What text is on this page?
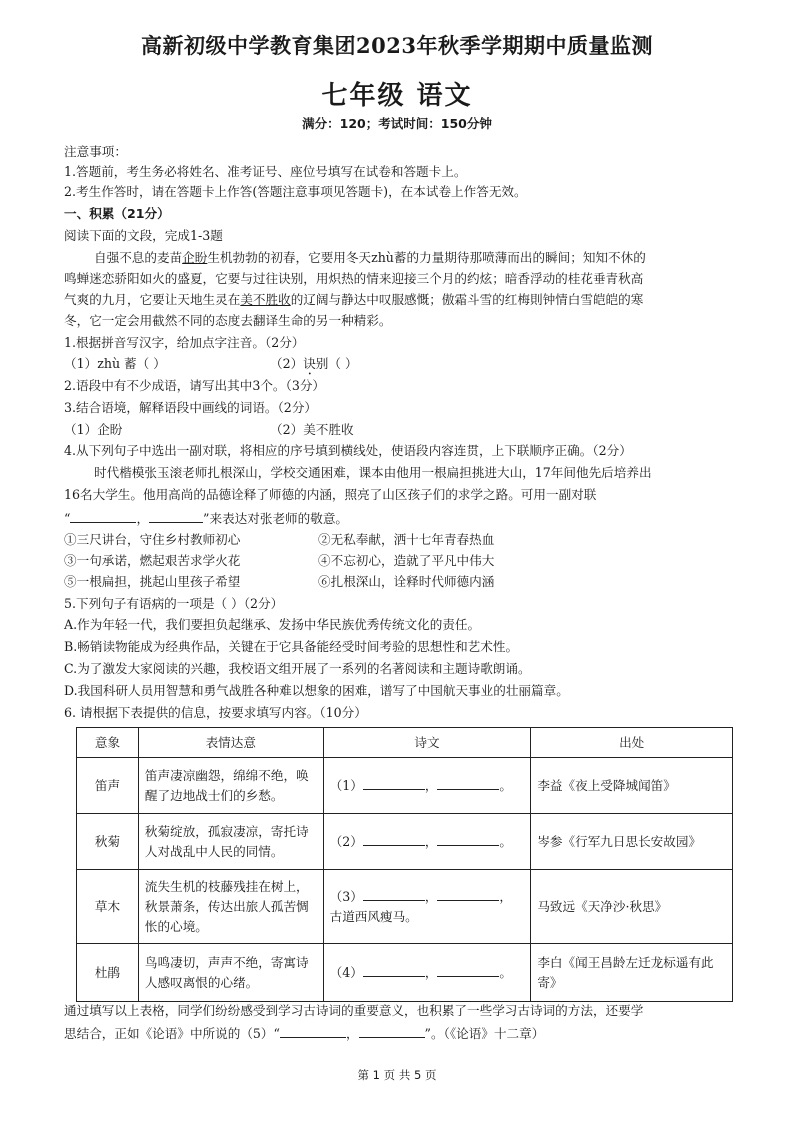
高新初级中学教育集团2023年秋季学期期中质量监测
七年级 语文
满分：120；考试时间：150分钟
注意事项：
1.答题前，考生务必将姓名、准考证号、座位号填写在试卷和答题卡上。
2.考生作答时，请在答题卡上作答(答题注意事项见答题卡)，在本试卷上作答无效。
一、积累（21分）
阅读下面的文段，完成1-3题
自强不息的麦苗企盼生机勃勃的初春，它要用冬天zhù蓄的力量期待那喷薄而出的瞬间；知知不休的
鸣蝉迷恋骄阳如火的盛夏，它要与过往诀别，用炽热的情来迎接三个月的约炫；暗香浮动的桂花垂青秋高
气爽的九月，它要让天地生灵在美不胜收的辽阔与静达中叹服感慨；傲霜斗雪的红梅則钟情白雪皑皑的寒
冬，它一定会用截然不同的态度去翻译生命的另一种精彩。
1.根据拼音写汉字，给加点字注音。（2分）
（1）zhù 蓄（ ）	（2）诀别（ ）
2.语段中有不少成语，请写出其中3个。（3分）
3.结合语境，解释语段中画线的词语。（2分）
（1）企盼	（2）美不胜收
4.从下列句子中选出一副对联，将相应的序号填到横线处，使语段内容连贯，上下联顺序正确。（2分）
时代楷模张玉滚老师扎根深山，学校交通困难，课本由他用一根扁担挑进大山，17年间他先后培养出
16名大学生。他用高尚的品德诠释了师德的内涵，照亮了山区孩子们的求学之路。可用一副对联
“	，	”来表达对张老师的敬意。
①三尺讲台，守住乡村教师初心	②无私奉献，洒十七年青春热血
③一句承诺，燃起艰苦求学火花	④不忘初心，造就了平凡中伟大
⑤一根扁担，挑起山里孩子希望	⑥扎根深山，诠释时代师德内涵
5.下列句子有语病的一项是（ ）（2分）
A.作为年轻一代，我们要担负起继承、发扬中华民族优秀传统文化的责任。
B.畅销读物能成为经典作品，关键在于它具备能经受时间考验的思想性和艺术性。
C.为了激发大家阅读的兴趣，我校语文组开展了一系列的名著阅读和主题诗歌朗诵。
D.我国科研人员用智慧和勇气战胜各种难以想象的困难，谱写了中国航天事业的壮丽篇章。
6. 请根据下表提供的信息，按要求填写内容。（10分）
意象	表情达意	诗文	出处
笛声	笛声凄凉幽怨，绵绵不绝，唤醒了边地战士们的乡愁。	（1） ， 。	李益《夜上受降城闻笛》
秋菊	秋菊绽放，孤寂凄凉，寄托诗人对战乱中人民的同情。	（2） ， 。	岑参《行军九日思长安故园》
草木	流失生机的枝藤残挂在树上，秋景萧条，传达出旅人孤苦惆怅的心境。	（3） ， ，
古道西风瘦马。	马致远《天净沙·秋思》
杜鹃	鸟鸣凄切，声声不绝，寄寓诗人感叹离恨的心绪。	（4） ， 。	李白《闻王昌龄左迁龙标遥有此寄》
通过填写以上表格，同学们纷纷感受到学习古诗词的重要意义，也积累了一些学习古诗词的方法，还要学
思结合，正如《论语》中所说的（5）“	，	”。（《论语》十二章）
第 1 页 共 5 页
